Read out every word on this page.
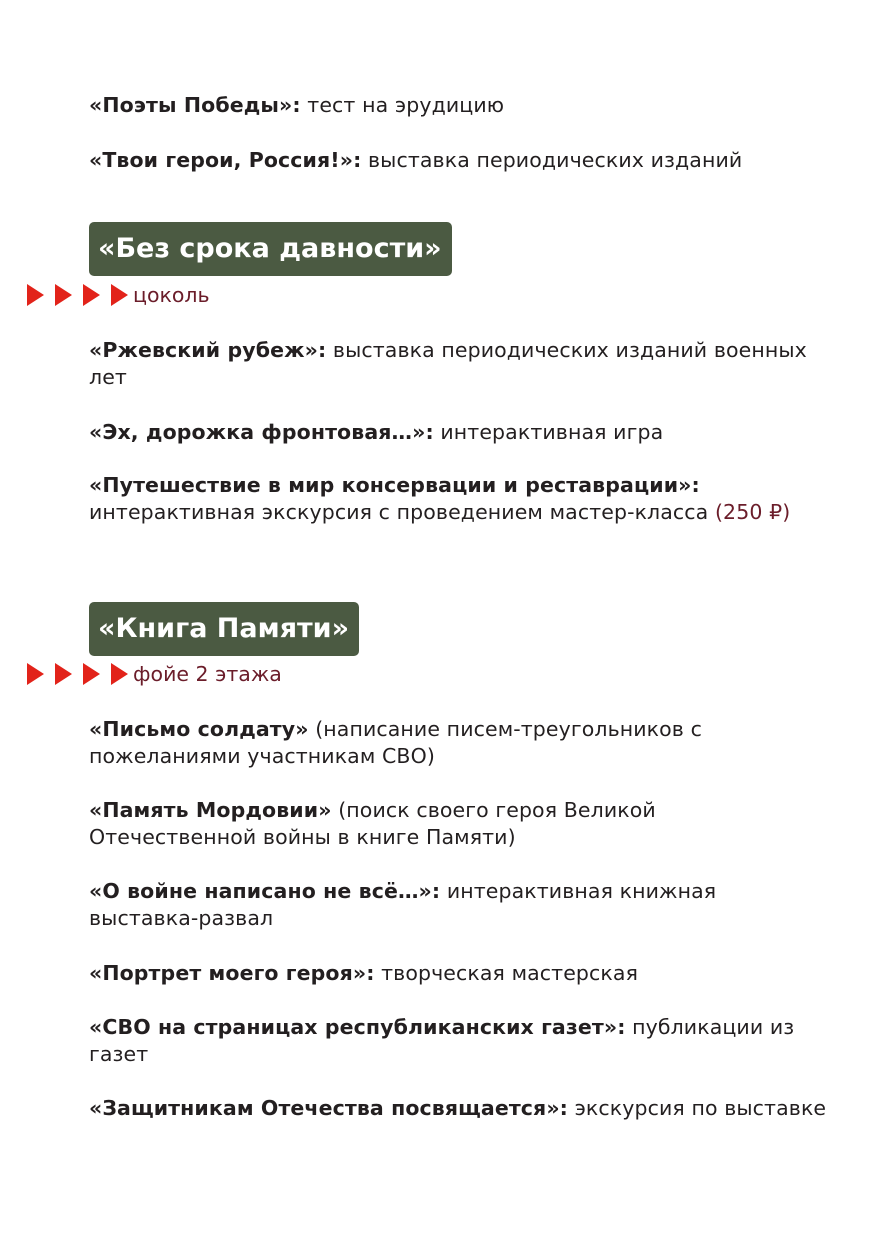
«Поэты Победы»: тест на эрудицию

«Твои герои, Россия!»: выставка периодических изданий

«Без срока давности»
цоколь

«Ржевский рубеж»: выставка периодических изданий военных лет

«Эх, дорожка фронтовая…»: интерактивная игра

«Путешествие в мир консервации и реставрации»: интерактивная экскурсия с проведением мастер-класса (250 ₽)

«Книга Памяти»
фойе 2 этажа

«Письмо солдату» (написание писем-треугольников с пожеланиями участникам СВО)

«Память Мордовии» (поиск своего героя Великой Отечественной войны в книге Памяти)

«О войне написано не всё…»: интерактивная книжная выставка-развал

«Портрет моего героя»: творческая мастерская

«СВО на страницах республиканских газет»: публикации из газет

«Защитникам Отечества посвящается»: экскурсия по выставке
